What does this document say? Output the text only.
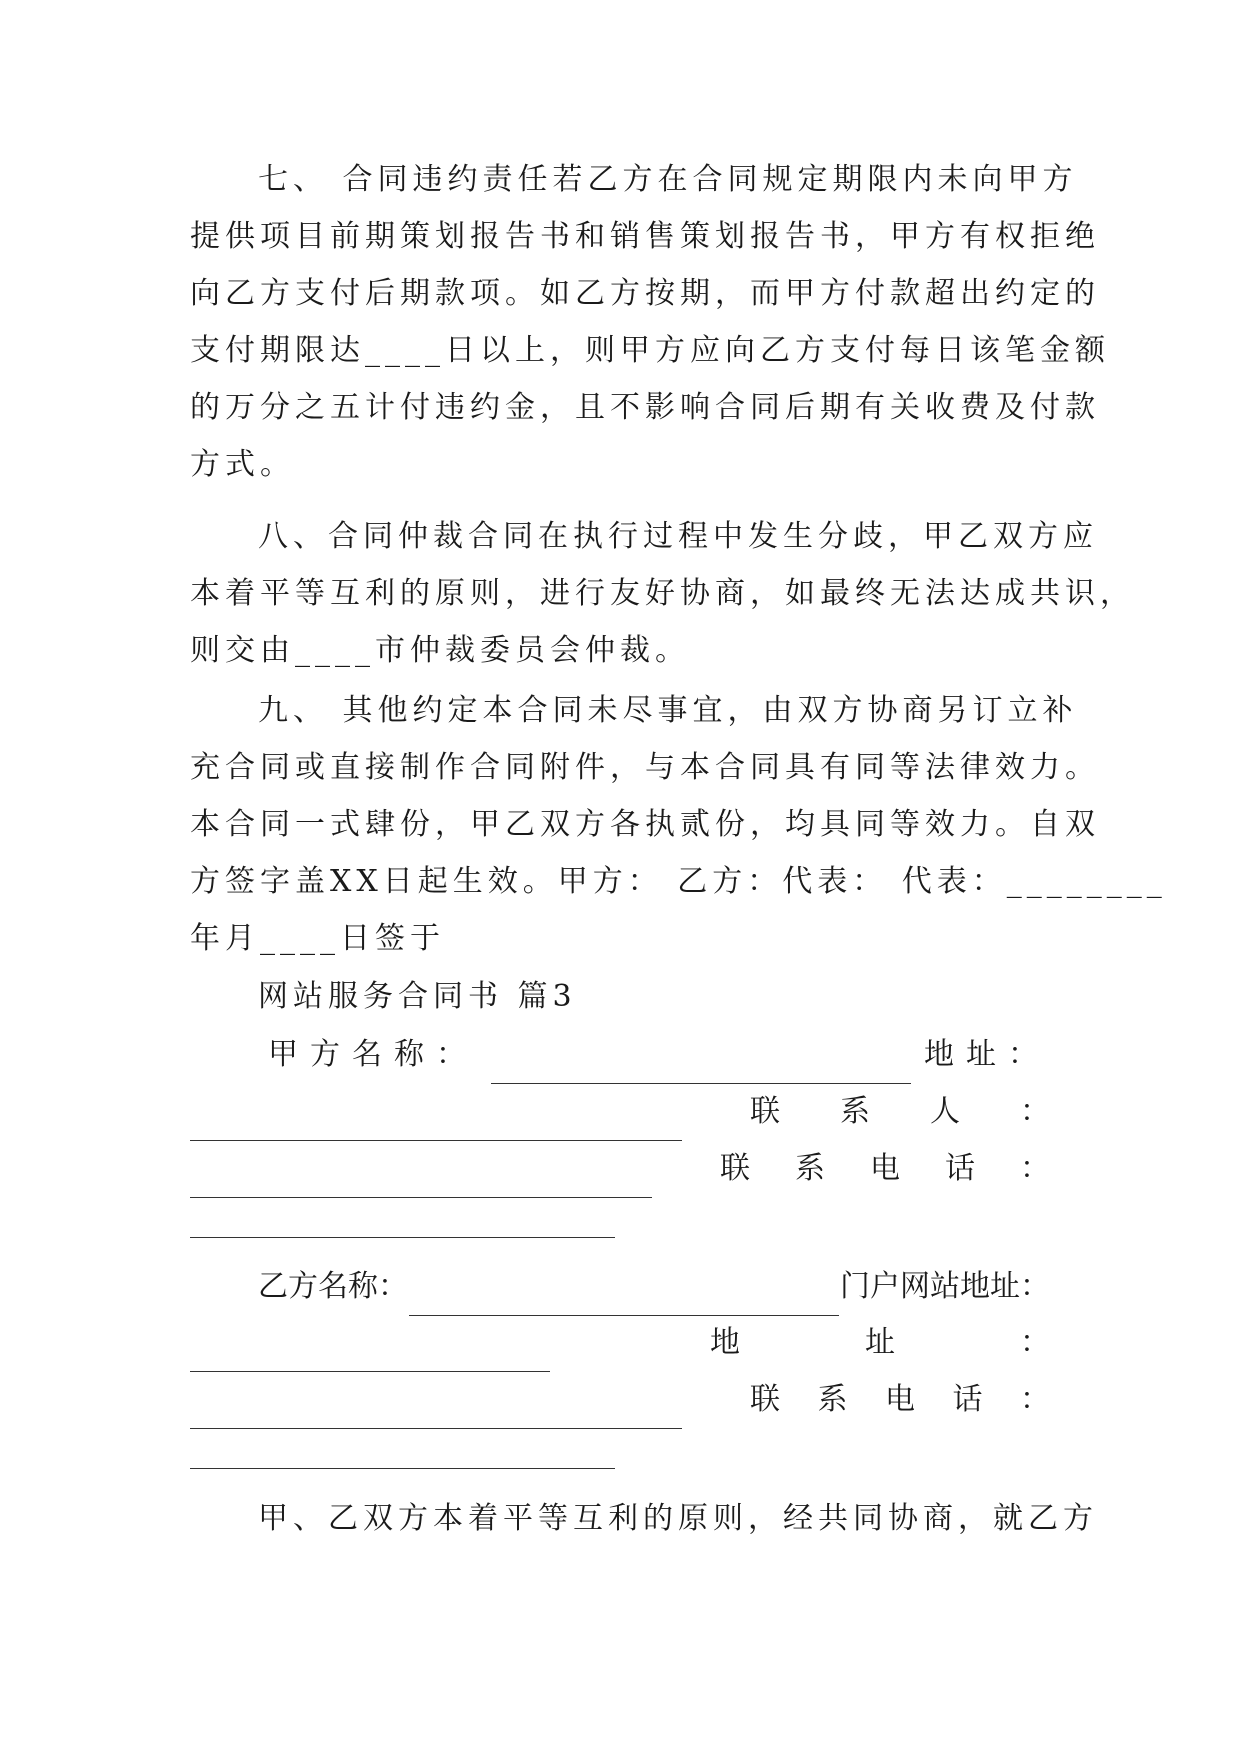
七、 合同违约责任若乙方在合同规定期限内未向甲方
提供项目前期策划报告书和销售策划报告书，甲方有权拒绝
向乙方支付后期款项。如乙方按期，而甲方付款超出约定的
支付期限达____日以上，则甲方应向乙方支付每日该笔金额
的万分之五计付违约金，且不影响合同后期有关收费及付款
方式。
八、合同仲裁合同在执行过程中发生分歧，甲乙双方应
本着平等互利的原则，进行友好协商，如最终无法达成共识，
则交由____市仲裁委员会仲裁。
九、 其他约定本合同未尽事宜，由双方协商另订立补
充合同或直接制作合同附件，与本合同具有同等法律效力。
本合同一式肆份，甲乙双方各执贰份，均具同等效力。自双
方签字盖XX日起生效。甲方： 乙方：代表： 代表：________
年月____日签于
网站服务合同书 篇3
甲方名称：	地址：
联 系 人 ：
联 系 电 话 ：
乙方名称：	门户网站地址：
地	址	：
联 系 电 话 ：
甲、乙双方本着平等互利的原则，经共同协商，就乙方
